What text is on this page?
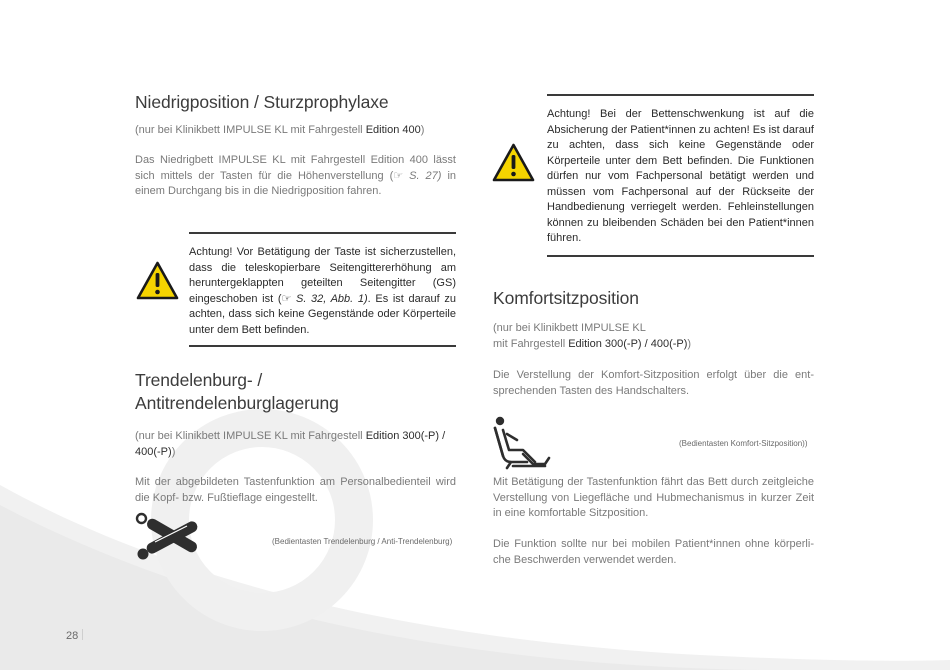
Niedrigposition / Sturzprophylaxe
(nur bei Klinikbett IMPULSE KL mit Fahrgestell Edition 400)
Das Niedrigbett IMPULSE KL mit Fahrgestell Edition 400 lässt sich mittels der Tasten für die Höhenverstellung (☞ S. 27) in einem Durchgang bis in die Niedrigposition fahren.
Achtung! Vor Betätigung der Taste ist sicherzustellen, dass die teleskopierbare Seitengittererhöhung am heruntergeklappten geteilten Seitengitter (GS) eingeschoben ist (☞ S. 32, Abb. 1). Es ist darauf zu achten, dass sich keine Gegenstände oder Körperteile unter dem Bett befinden.
Trendelenburg- /
Antitrendelenburglagerung
(nur bei Klinikbett IMPULSE KL mit Fahrgestell Edition 300(-P) / 400(-P))
Mit der abgebildeten Tastenfunktion am Personalbedienteil wird die Kopf- bzw. Fußtieflage eingestellt.
(Bedientasten Trendelenburg / Anti-Trendelenburg)
Achtung! Bei der Bettenschwenkung ist auf die Absicherung der Patient*innen zu achten! Es ist darauf zu achten, dass sich keine Gegenstände oder Körperteile unter dem Bett befinden. Die Funktionen dürfen nur vom Fachpersonal betätigt werden und müssen vom Fachpersonal auf der Rückseite der Handbedienung verriegelt werden. Fehleinstellungen können zu bleibenden Schäden bei den Patient*innen führen.
Komfortsitzposition
(nur bei Klinikbett IMPULSE KL
mit Fahrgestell Edition 300(-P) / 400(-P))
Die Verstellung der Komfort-Sitzposition erfolgt über die entsprechenden Tasten des Handschalters.
(Bedientasten Komfort-Sitzposition))
Mit Betätigung der Tastenfunktion fährt das Bett durch zeitgleiche Verstellung von Liegefläche und Hubmechanismus in kurzer Zeit in eine komfortable Sitzposition.
Die Funktion sollte nur bei mobilen Patient*innen ohne körperliche Beschwerden verwendet werden.
28
